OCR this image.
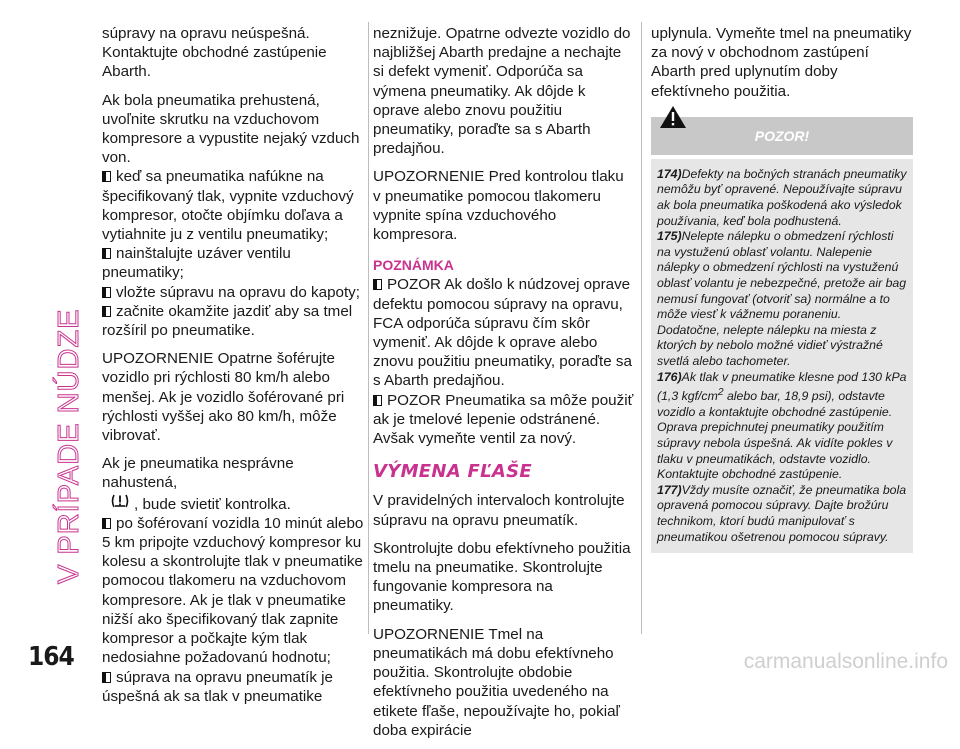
V PRÍPADE NÚDZE

súpravy na opravu neúspešná. Kontaktujte obchodné zastúpenie Abarth.

Ak bola pneumatika prehustená, uvoľnite skrutku na vzduchovom kompresore a vypustite nejaký vzduch von.

keď sa pneumatika nafúkne na špecifikovaný tlak, vypnite vzduchový kompresor, otočte objímku doľava a vytiahnite ju z ventilu pneumatiky;
nainštalujte uzáver ventilu pneumatiky;
vložte súpravu na opravu do kapoty;
začnite okamžite jazdiť aby sa tmel rozšíril po pneumatike.

UPOZORNENIE Opatrne šoférujte vozidlo pri rýchlosti 80 km/h alebo menšej. Ak je vozidlo šoférované pri rýchlosti vyššej ako 80 km/h, môže vibrovať.

Ak je pneumatika nesprávne nahustená,
, bude svietiť kontrolka.

po šoférovaní vozidla 10 minút alebo 5 km pripojte vzduchový kompresor ku kolesu a skontrolujte tlak v pneumatike pomocou tlakomeru na vzduchovom kompresore. Ak je tlak v pneumatike nižší ako špecifikovaný tlak zapnite kompresor a počkajte kým tlak nedosiahne požadovanú hodnotu;
súprava na opravu pneumatík je úspešná ak sa tlak v pneumatike

neznižuje. Opatrne odvezte vozidlo do najbližšej Abarth predajne a nechajte si defekt vymeniť. Odporúča sa výmena pneumatiky. Ak dôjde k oprave alebo znovu použitiu pneumatiky, poraďte sa s Abarth predajňou.

UPOZORNENIE Pred kontrolou tlaku v pneumatike pomocou tlakomeru vypnite spína vzduchového kompresora.

POZNÁMKA
POZOR Ak došlo k núdzovej oprave defektu pomocou súpravy na opravu, FCA odporúča súpravu čím skôr vymeniť. Ak dôjde k oprave alebo znovu použitiu pneumatiky, poraďte sa s Abarth predajňou.
POZOR Pneumatika sa môže použiť ak je tmelové lepenie odstránené. Avšak vymeňte ventil za nový.
VÝMENA FĽAŠE

V pravidelných intervaloch kontrolujte súpravu na opravu pneumatík.

Skontrolujte dobu efektívneho použitia tmelu na pneumatike. Skontrolujte fungovanie kompresora na pneumatiky.

UPOZORNENIE Tmel na pneumatikách má dobu efektívneho použitia. Skontrolujte obdobie efektívneho použitia uvedeného na etikete fľaše, nepoužívajte ho, pokiaľ doba expirácie

uplynula. Vymeňte tmel na pneumatiky za nový v obchodnom zastúpení Abarth pred uplynutím doby efektívneho použitia.

POZOR!
174)Defekty na bočných stranách pneumatiky nemôžu byť opravené. Nepoužívajte súpravu ak bola pneumatika poškodená ako výsledok používania, keď bola podhustená.
175)Nelepte nálepku o obmedzení rýchlosti na vystuženú oblasť volantu. Nalepenie nálepky o obmedzení rýchlosti na vystuženú oblasť volantu je nebezpečné, pretože air bag nemusí fungovať (otvoriť sa) normálne a to môže viesť k vážnemu poraneniu. Dodatočne, nelepte nálepku na miesta z ktorých by nebolo možné vidieť výstražné svetlá alebo tachometer.
176)Ak tlak v pneumatike klesne pod 130 kPa (1,3 kgf/$cm^2$ alebo bar, 18,9 psi), odstavte vozidlo a kontaktujte obchodné zastúpenie. Oprava prepichnutej pneumatiky použitím súpravy nebola úspešná. Ak vidíte pokles v tlaku v pneumatikách, odstavte vozidlo. Kontaktujte obchodné zastúpenie.
177)Vždy musíte označiť, že pneumatika bola opravená pomocou súpravy. Dajte brožúru technikom, ktorí budú manipulovať s pneumatikou ošetrenou pomocou súpravy.
164	carmanualsonline.info
